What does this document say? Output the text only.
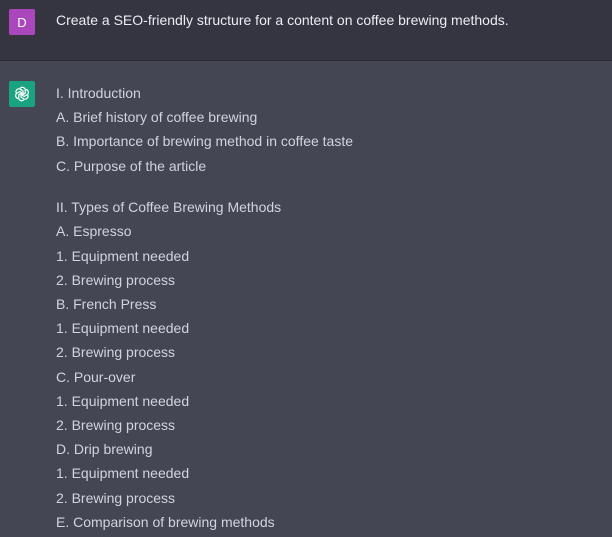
D Create a SEO-friendly structure for a content on coffee brewing methods.
I. Introduction
A. Brief history of coffee brewing
B. Importance of brewing method in coffee taste
C. Purpose of the article
II. Types of Coffee Brewing Methods
A. Espresso
1. Equipment needed
2. Brewing process
B. French Press
1. Equipment needed
2. Brewing process
C. Pour-over
1. Equipment needed
2. Brewing process
D. Drip brewing
1. Equipment needed
2. Brewing process
E. Comparison of brewing methods
